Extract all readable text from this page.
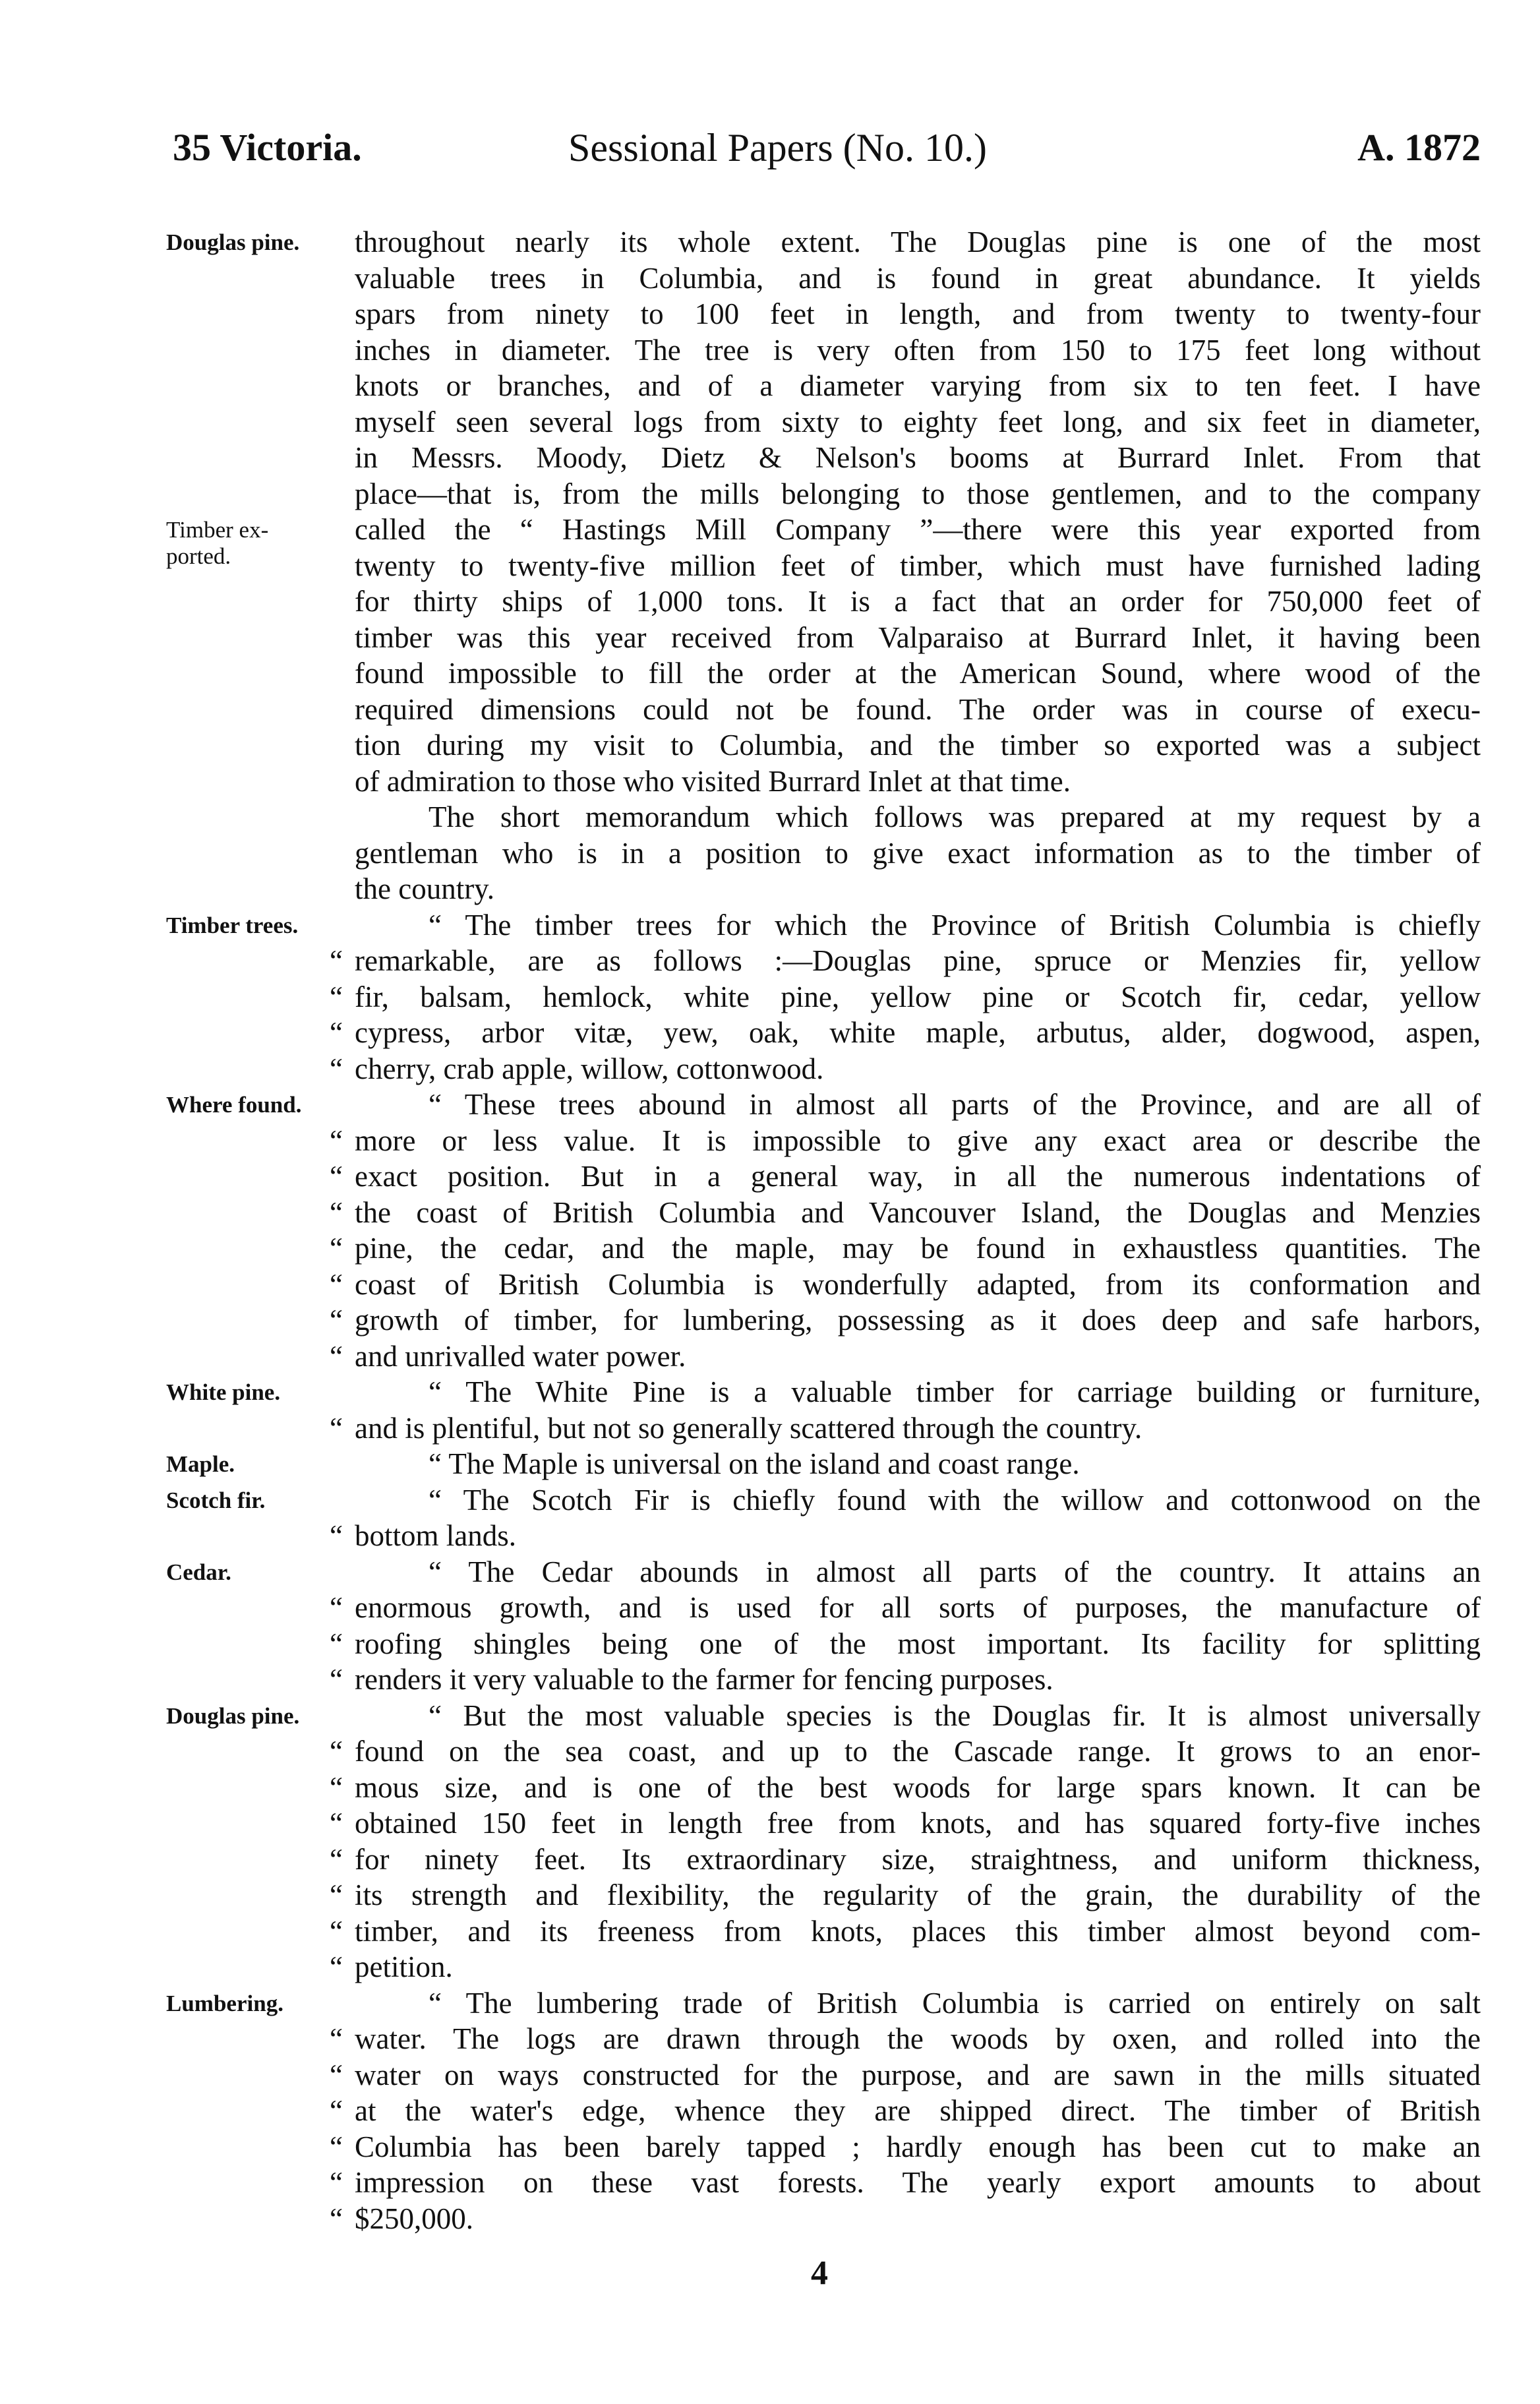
35 Victoria.	Sessional Papers (No. 10.)	A. 1872
Douglas pine.	throughout nearly its whole extent. The Douglas pine is one of the most
valuable trees in Columbia, and is found in great abundance. It yields
spars from ninety to 100 feet in length, and from twenty to twenty-four
inches in diameter. The tree is very often from 150 to 175 feet long without
knots or branches, and of a diameter varying from six to ten feet. I have
myself seen several logs from sixty to eighty feet long, and six feet in diameter,
in Messrs. Moody, Dietz & Nelson's booms at Burrard Inlet. From that
place—that is, from the mills belonging to those gentlemen, and to the company
called the “ Hastings Mill Company ”—there were this year exported from
twenty to twenty-five million feet of timber, which must have furnished lading
for thirty ships of 1,000 tons. It is a fact that an order for 750,000 feet of
timber was this year received from Valparaiso at Burrard Inlet, it having been
found impossible to fill the order at the American Sound, where wood of the
required dimensions could not be found. The order was in course of execu-
tion during my visit to Columbia, and the timber so exported was a subject
of admiration to those who visited Burrard Inlet at that time.
Timber ex-
ported.
The short memorandum which follows was prepared at my request by a
gentleman who is in a position to give exact information as to the timber of
the country.
Timber trees.	“ The timber trees for which the Province of British Columbia is chiefly
“ remarkable, are as follows :—Douglas pine, spruce or Menzies fir, yellow
“ fir, balsam, hemlock, white pine, yellow pine or Scotch fir, cedar, yellow
“ cypress, arbor vitæ, yew, oak, white maple, arbutus, alder, dogwood, aspen,
“ cherry, crab apple, willow, cottonwood.
Where found.	“ These trees abound in almost all parts of the Province, and are all of
“ more or less value. It is impossible to give any exact area or describe the
“ exact position. But in a general way, in all the numerous indentations of
“ the coast of British Columbia and Vancouver Island, the Douglas and Menzies
“ pine, the cedar, and the maple, may be found in exhaustless quantities. The
“ coast of British Columbia is wonderfully adapted, from its conformation and
“ growth of timber, for lumbering, possessing as it does deep and safe harbors,
“ and unrivalled water power.
White pine.	“ The White Pine is a valuable timber for carriage building or furniture,
“ and is plentiful, but not so generally scattered through the country.
Maple.	“ The Maple is universal on the island and coast range.
Scotch fir.	“ The Scotch Fir is chiefly found with the willow and cottonwood on the
“ bottom lands.
Cedar.	“ The Cedar abounds in almost all parts of the country. It attains an
“ enormous growth, and is used for all sorts of purposes, the manufacture of
“ roofing shingles being one of the most important. Its facility for splitting
“ renders it very valuable to the farmer for fencing purposes.
Douglas pine.	“ But the most valuable species is the Douglas fir. It is almost universally
“ found on the sea coast, and up to the Cascade range. It grows to an enor-
“ mous size, and is one of the best woods for large spars known. It can be
“ obtained 150 feet in length free from knots, and has squared forty-five inches
“ for ninety feet. Its extraordinary size, straightness, and uniform thickness,
“ its strength and flexibility, the regularity of the grain, the durability of the
“ timber, and its freeness from knots, places this timber almost beyond com-
“ petition.
Lumbering.	“ The lumbering trade of British Columbia is carried on entirely on salt
“ water. The logs are drawn through the woods by oxen, and rolled into the
“ water on ways constructed for the purpose, and are sawn in the mills situated
“ at the water's edge, whence they are shipped direct. The timber of British
“ Columbia has been barely tapped ; hardly enough has been cut to make an
“ impression on these vast forests. The yearly export amounts to about
“ $250,000.
4
